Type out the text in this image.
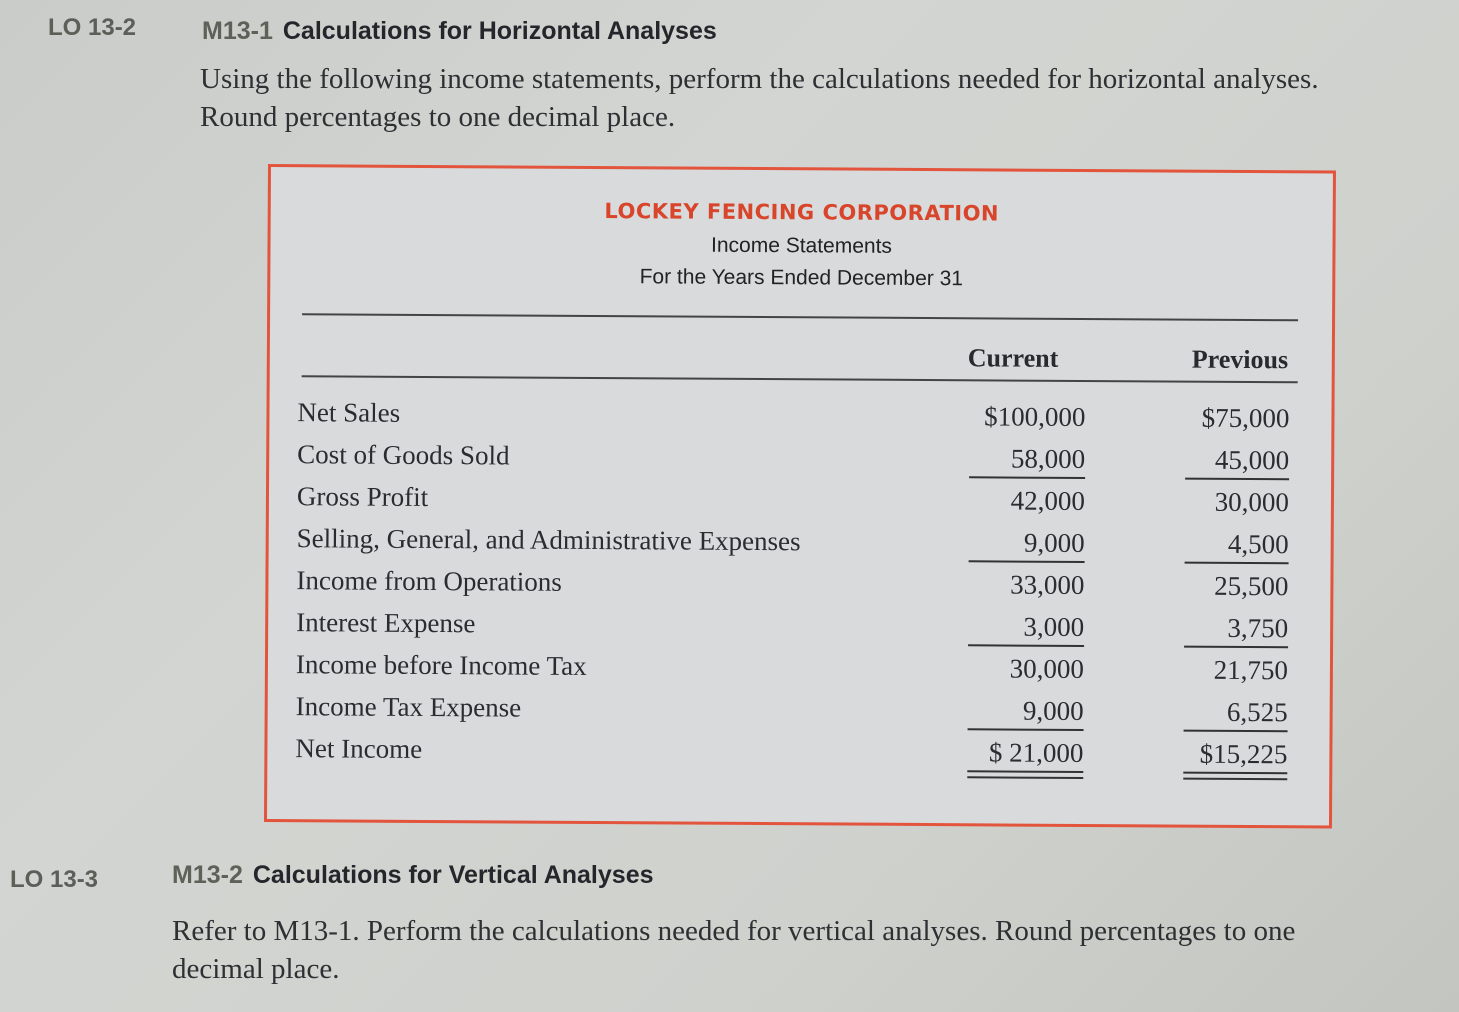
LO 13-2	M13-1 Calculations for Horizontal Analyses
Using the following income statements, perform the calculations needed for horizontal analyses.
Round percentages to one decimal place.
LOCKEY FENCING CORPORATION
Income Statements
For the Years Ended December 31
Current	Previous
Net Sales	$100,000	$75,000
Cost of Goods Sold	58,000	45,000
Gross Profit	42,000	30,000
Selling, General, and Administrative Expenses	9,000	4,500
Income from Operations	33,000	25,500
Interest Expense	3,000	3,750
Income before Income Tax	30,000	21,750
Income Tax Expense	9,000	6,525
Net Income	$ 21,000	$15,225
LO 13-3	M13-2 Calculations for Vertical Analyses
Refer to M13-1. Perform the calculations needed for vertical analyses. Round percentages to one
decimal place.
